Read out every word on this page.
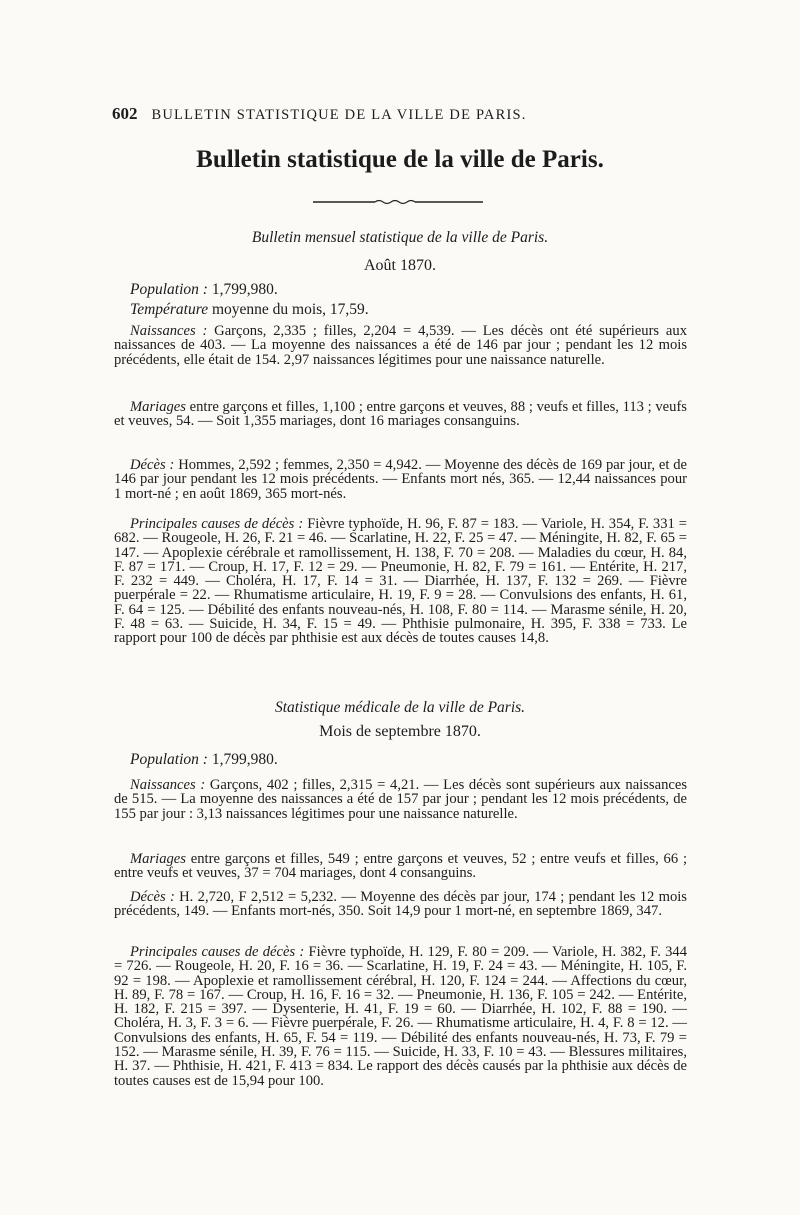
602 BULLETIN STATISTIQUE DE LA VILLE DE PARIS.
Bulletin statistique de la ville de Paris.
Bulletin mensuel statistique de la ville de Paris.
Août 1870.
Population : 1,799,980.
Température moyenne du mois, 17,59.

Naissances : Garçons, 2,335 ; filles, 2,204 = 4,539. — Les décès ont été supérieurs aux naissances de 403. — La moyenne des naissances a été de 146 par jour ; pendant les 12 mois précédents, elle était de 154. 2,97 naissances légitimes pour une naissance naturelle.

Mariages entre garçons et filles, 1,100 ; entre garçons et veuves, 88 ; veufs et filles, 113 ; veufs et veuves, 54. — Soit 1,355 mariages, dont 16 mariages consanguins.

Décès : Hommes, 2,592 ; femmes, 2,350 = 4,942. — Moyenne des décès de 169 par jour, et de 146 par jour pendant les 12 mois précédents. — Enfants mort nés, 365. — 12,44 naissances pour 1 mort-né ; en août 1869, 365 mort-nés.

Principales causes de décès : Fièvre typhoïde, H. 96, F. 87 = 183. — Variole, H. 354, F. 331 = 682. — Rougeole, H. 26, F. 21 = 46. — Scarlatine, H. 22, F. 25 = 47. — Méningite, H. 82, F. 65 = 147. — Apoplexie cérébrale et ramollissement, H. 138, F. 70 = 208. — Maladies du cœur, H. 84, F. 87 = 171. — Croup, H. 17, F. 12 = 29. — Pneumonie, H. 82, F. 79 = 161. — Entérite, H. 217, F. 232 = 449. — Choléra, H. 17, F. 14 = 31. — Diarrhée, H. 137, F. 132 = 269. — Fièvre puerpérale = 22. — Rhumatisme articulaire, H. 19, F. 9 = 28. — Convulsions des enfants, H. 61, F. 64 = 125. — Débilité des enfants nouveau-nés, H. 108, F. 80 = 114. — Marasme sénile, H. 20, F. 48 = 63. — Suicide, H. 34, F. 15 = 49. — Phthisie pulmonaire, H. 395, F. 338 = 733. Le rapport pour 100 de décès par phthisie est aux décès de toutes causes 14,8.

Statistique médicale de la ville de Paris.
Mois de septembre 1870.
Population : 1,799,980.

Naissances : Garçons, 402 ; filles, 2,315 = 4,21. — Les décès sont supérieurs aux naissances de 515. — La moyenne des naissances a été de 157 par jour ; pendant les 12 mois précédents, de 155 par jour : 3,13 naissances légitimes pour une naissance naturelle.

Mariages entre garçons et filles, 549 ; entre garçons et veuves, 52 ; entre veufs et filles, 66 ; entre veufs et veuves, 37 = 704 mariages, dont 4 consanguins.

Décès : H. 2,720, F 2,512 = 5,232. — Moyenne des décès par jour, 174 ; pendant les 12 mois précédents, 149. — Enfants mort-nés, 350. Soit 14,9 pour 1 mort-né, en septembre 1869, 347.

Principales causes de décès : Fièvre typhoïde, H. 129, F. 80 = 209. — Variole, H. 382, F. 344 = 726. — Rougeole, H. 20, F. 16 = 36. — Scarlatine, H. 19, F. 24 = 43. — Méningite, H. 105, F. 92 = 198. — Apoplexie et ramollissement cérébral, H. 120, F. 124 = 244. — Affections du cœur, H. 89, F. 78 = 167. — Croup, H. 16, F. 16 = 32. — Pneumonie, H. 136, F. 105 = 242. — Entérite, H. 182, F. 215 = 397. — Dysenterie, H. 41, F. 19 = 60. — Diarrhée, H. 102, F. 88 = 190. — Choléra, H. 3, F. 3 = 6. — Fièvre puerpérale, F. 26. — Rhumatisme articulaire, H. 4, F. 8 = 12. — Convulsions des enfants, H. 65, F. 54 = 119. — Débilité des enfants nouveau-nés, H. 73, F. 79 = 152. — Marasme sénile, H. 39, F. 76 = 115. — Suicide, H. 33, F. 10 = 43. — Blessures militaires, H. 37. — Phthisie, H. 421, F. 413 = 834. Le rapport des décès causés par la phthisie aux décès de toutes causes est de 15,94 pour 100.
